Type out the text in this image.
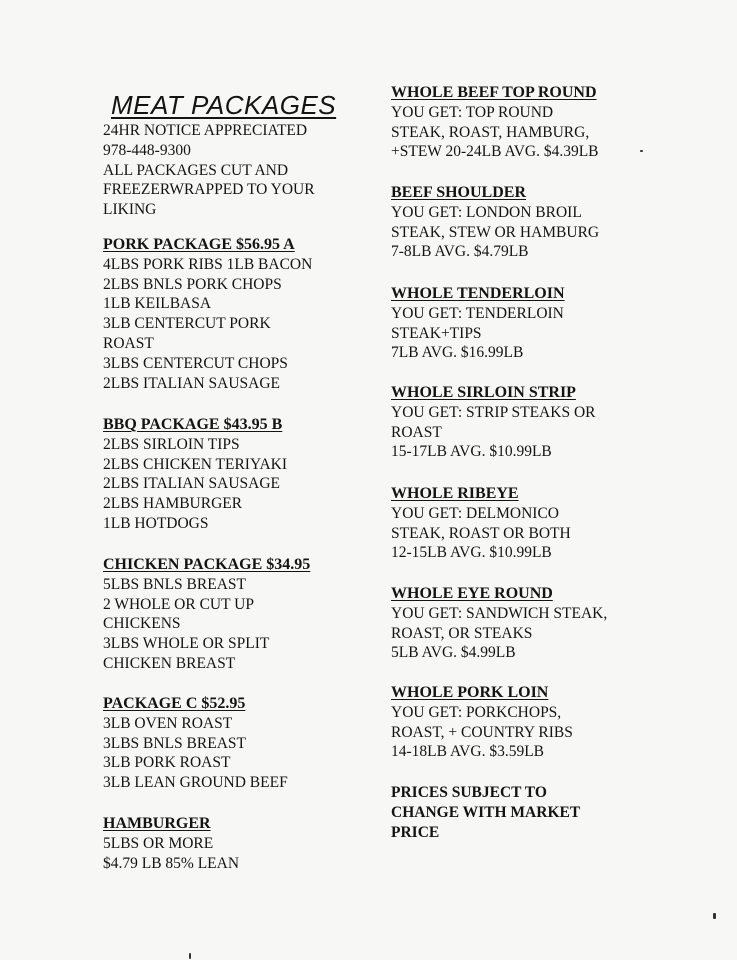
MEAT PACKAGES
24HR NOTICE APPRECIATED
978-448-9300
ALL PACKAGES CUT AND
FREEZERWRAPPED TO YOUR
LIKING
PORK PACKAGE $56.95 A
4LBS PORK RIBS 1LB BACON
2LBS BNLS PORK CHOPS
1LB KEILBASA
3LB CENTERCUT PORK
ROAST
3LBS CENTERCUT CHOPS
2LBS ITALIAN SAUSAGE
BBQ PACKAGE $43.95 B
2LBS SIRLOIN TIPS
2LBS CHICKEN TERIYAKI
2LBS ITALIAN SAUSAGE
2LBS HAMBURGER
1LB HOTDOGS
CHICKEN PACKAGE $34.95
5LBS BNLS BREAST
2 WHOLE OR CUT UP
CHICKENS
3LBS WHOLE OR SPLIT
CHICKEN BREAST
PACKAGE C $52.95
3LB OVEN ROAST
3LBS BNLS BREAST
3LB PORK ROAST
3LB LEAN GROUND BEEF
HAMBURGER
5LBS OR MORE
$4.79 LB 85% LEAN
WHOLE BEEF TOP ROUND
YOU GET: TOP ROUND
STEAK, ROAST, HAMBURG,
+STEW 20-24LB AVG. $4.39LB
BEEF SHOULDER
YOU GET: LONDON BROIL
STEAK, STEW OR HAMBURG
7-8LB AVG. $4.79LB
WHOLE TENDERLOIN
YOU GET: TENDERLOIN
STEAK+TIPS
7LB AVG. $16.99LB
WHOLE SIRLOIN STRIP
YOU GET: STRIP STEAKS OR
ROAST
15-17LB AVG. $10.99LB
WHOLE RIBEYE
YOU GET: DELMONICO
STEAK, ROAST OR BOTH
12-15LB AVG. $10.99LB
WHOLE EYE ROUND
YOU GET: SANDWICH STEAK,
ROAST, OR STEAKS
5LB AVG. $4.99LB
WHOLE PORK LOIN
YOU GET: PORKCHOPS,
ROAST, + COUNTRY RIBS
14-18LB AVG. $3.59LB
PRICES SUBJECT TO
CHANGE WITH MARKET
PRICE
